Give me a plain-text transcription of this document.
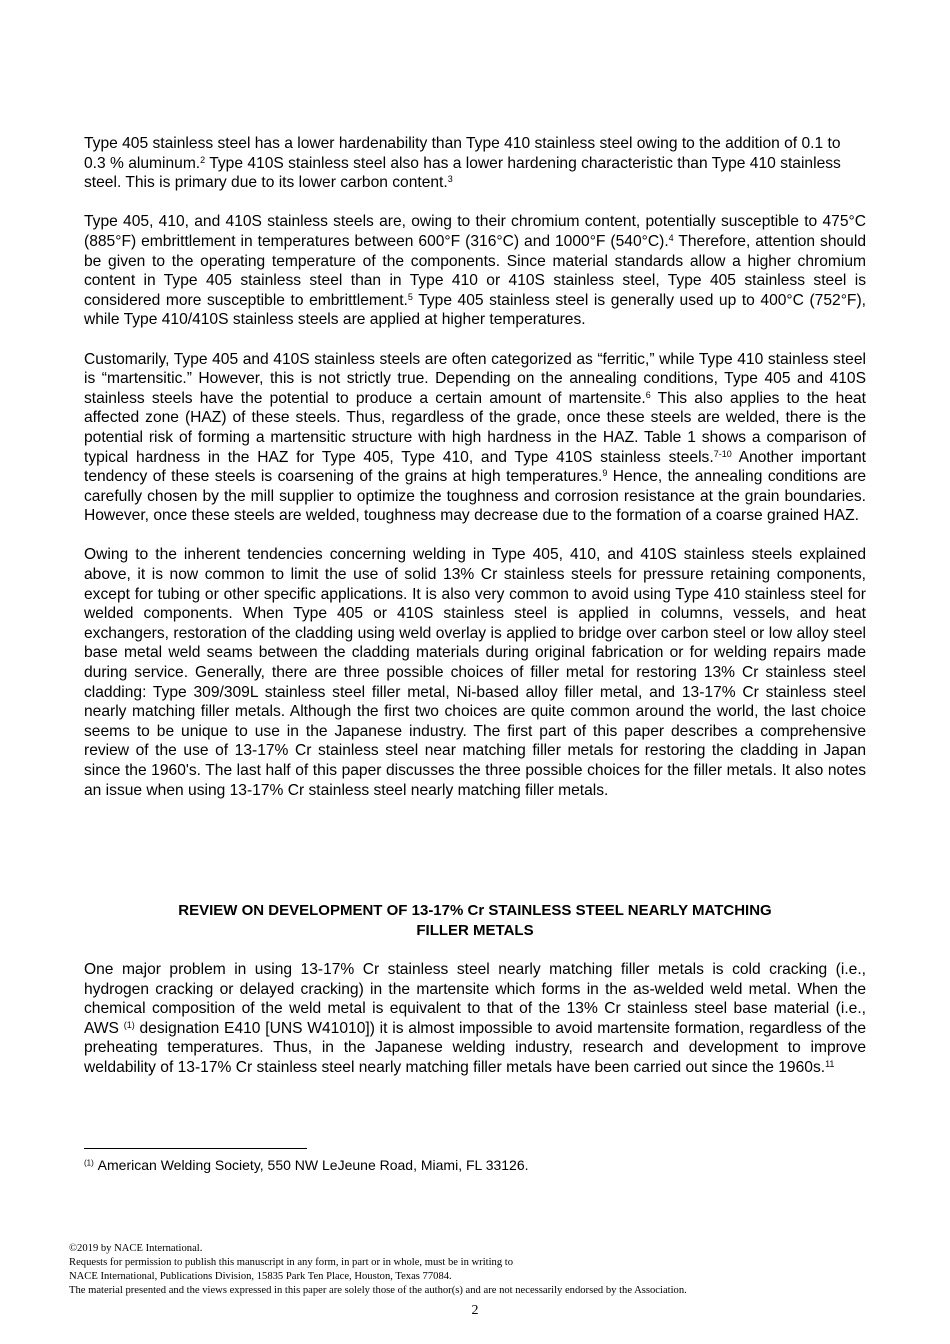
Type 405 stainless steel has a lower hardenability than Type 410 stainless steel owing to the addition of 0.1 to 0.3 % aluminum.$^2$ Type 410S stainless steel also has a lower hardening characteristic than Type 410 stainless steel. This is primary due to its lower carbon content.$^3$

Type 405, 410, and 410S stainless steels are, owing to their chromium content, potentially susceptible to 475°C (885°F) embrittlement in temperatures between 600°F (316°C) and 1000°F (540°C).$^4$ Therefore, attention should be given to the operating temperature of the components. Since material standards allow a higher chromium content in Type 405 stainless steel than in Type 410 or 410S stainless steel, Type 405 stainless steel is considered more susceptible to embrittlement.$^5$ Type 405 stainless steel is generally used up to 400°C (752°F), while Type 410/410S stainless steels are applied at higher temperatures.

Customarily, Type 405 and 410S stainless steels are often categorized as “ferritic,” while Type 410 stainless steel is “martensitic.” However, this is not strictly true. Depending on the annealing conditions, Type 405 and 410S stainless steels have the potential to produce a certain amount of martensite.$^6$ This also applies to the heat affected zone (HAZ) of these steels. Thus, regardless of the grade, once these steels are welded, there is the potential risk of forming a martensitic structure with high hardness in the HAZ. Table 1 shows a comparison of typical hardness in the HAZ for Type 405, Type 410, and Type 410S stainless steels.$^{7-10}$ Another important tendency of these steels is coarsening of the grains at high temperatures.$^9$ Hence, the annealing conditions are carefully chosen by the mill supplier to optimize the toughness and corrosion resistance at the grain boundaries. However, once these steels are welded, toughness may decrease due to the formation of a coarse grained HAZ.

Owing to the inherent tendencies concerning welding in Type 405, 410, and 410S stainless steels explained above, it is now common to limit the use of solid 13% Cr stainless steels for pressure retaining components, except for tubing or other specific applications. It is also very common to avoid using Type 410 stainless steel for welded components. When Type 405 or 410S stainless steel is applied in columns, vessels, and heat exchangers, restoration of the cladding using weld overlay is applied to bridge over carbon steel or low alloy steel base metal weld seams between the cladding materials during original fabrication or for welding repairs made during service. Generally, there are three possible choices of filler metal for restoring 13% Cr stainless steel cladding: Type 309/309L stainless steel filler metal, Ni-based alloy filler metal, and 13-17% Cr stainless steel nearly matching filler metals. Although the first two choices are quite common around the world, the last choice seems to be unique to use in the Japanese industry. The first part of this paper describes a comprehensive review of the use of 13-17% Cr stainless steel near matching filler metals for restoring the cladding in Japan since the 1960's. The last half of this paper discusses the three possible choices for the filler metals. It also notes an issue when using 13-17% Cr stainless steel nearly matching filler metals.

REVIEW ON DEVELOPMENT OF 13-17% Cr STAINLESS STEEL NEARLY MATCHING
FILLER METALS

One major problem in using 13-17% Cr stainless steel nearly matching filler metals is cold cracking (i.e., hydrogen cracking or delayed cracking) in the martensite which forms in the as-welded weld metal. When the chemical composition of the weld metal is equivalent to that of the 13% Cr stainless steel base material (i.e., AWS $^{(1)}$ designation E410 [UNS W41010]) it is almost impossible to avoid martensite formation, regardless of the preheating temperatures. Thus, in the Japanese welding industry, research and development to improve weldability of 13-17% Cr stainless steel nearly matching filler metals have been carried out since the 1960s.$^{11}$

$^{(1)}$ American Welding Society, 550 NW LeJeune Road, Miami, FL 33126.
©2019 by NACE International.
Requests for permission to publish this manuscript in any form, in part or in whole, must be in writing to
NACE International, Publications Division, 15835 Park Ten Place, Houston, Texas 77084.
The material presented and the views expressed in this paper are solely those of the author(s) and are not necessarily endorsed by the Association.
2
